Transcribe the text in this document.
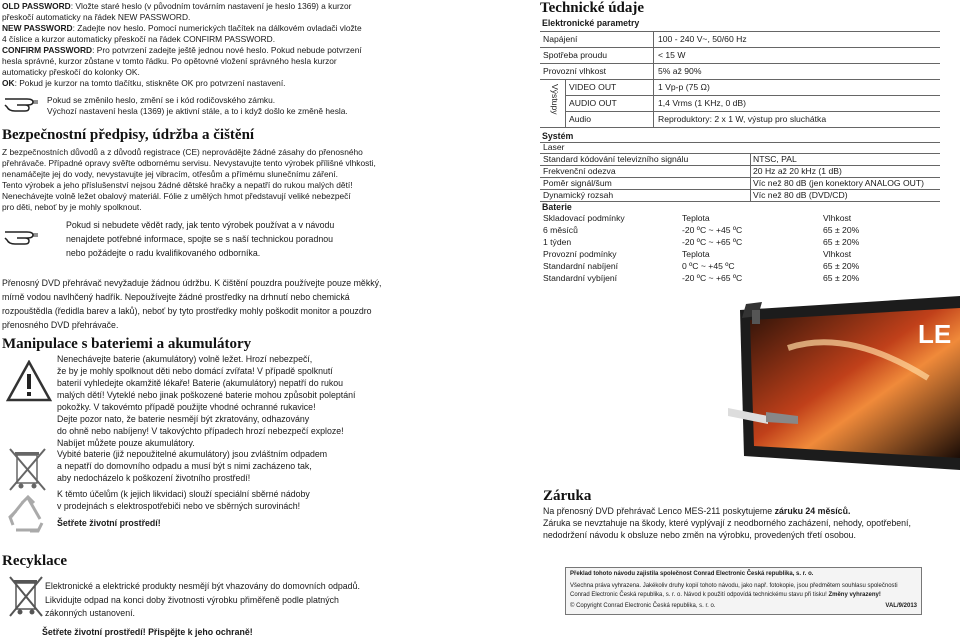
OLD PASSWORD: Vložte staré heslo (v původním továrním nastavení je heslo 1369) a kurzor
přeskočí automaticky na řádek NEW PASSWORD.
NEW PASSWORD: Zadejte nov heslo. Pomocí numerických tlačítek na dálkovém ovladači vložte
4 číslice a kurzor automaticky přeskočí na řádek CONFIRM PASSWORD.
CONFIRM PASSWORD: Pro potvrzení zadejte ještě jednou nové heslo. Pokud nebude potvrzení
hesla správné, kurzor zůstane v tomto řádku. Po opětovné vložení správného hesla kurzor
automaticky přeskočí do kolonky OK.
OK: Pokud je kurzor na tomto tlačítku, stiskněte OK pro potvrzení nastavení.
Pokud se změnilo heslo, změní se i kód rodičovského zámku.
Výchozí nastavení hesla (1369) je aktivní stále, a to i když došlo ke změně hesla.
Bezpečnostní předpisy, údržba a čištění
Z bezpečnostních důvodů a z důvodů registrace (CE) neprovádějte žádné zásahy do přenosného
přehrávače. Případné opravy svěřte odbornému servisu. Nevystavujte tento výrobek přílišné vlhkosti,
nenamáčejte jej do vody, nevystavujte jej vibracím, otřesům a přímému slunečnímu záření.
Tento výrobek a jeho příslušenství nejsou žádné dětské hračky a nepatří do rukou malých dětí!
Nenechávejte volně ležet obalový materiál. Fólie z umělých hmot představují veliké nebezpečí
pro děti, neboť by je mohly spolknout.
Pokud si nebudete vědět rady, jak tento výrobek používat a v návodu
nenajdete potřebné informace, spojte se s naší technickou poradnou
nebo požádejte o radu kvalifikovaného odborníka.
Přenosný DVD přehrávač nevyžaduje žádnou údržbu. K čištění pouzdra používejte pouze měkký,
mírně vodou navlhčený hadřík. Nepoužívejte žádné prostředky na drhnutí nebo chemická
rozpouštědla (ředidla barev a laků), neboť by tyto prostředky mohly poškodit monitor a pouzdro
přenosného DVD přehrávače.
Manipulace s bateriemi a akumulátory
Nenechávejte baterie (akumulátory) volně ležet. Hrozí nebezpečí,
že by je mohly spolknout děti nebo domácí zvířata! V případě spolknutí
baterií vyhledejte okamžitě lékaře! Baterie (akumulátory) nepatří do rukou
malých dětí! Vyteklé nebo jinak poškozené baterie mohou způsobit poleptání
pokožky. V takovémto případě použijte vhodné ochranné rukavice!
Dejte pozor nato, že baterie nesmějí být zkratovány, odhazovány
do ohně nebo nabíjeny! V takovýchto případech hrozí nebezpečí exploze!
Nabíjet můžete pouze akumulátory.
Vybité baterie (již nepoužitelné akumulátory) jsou zvláštním odpadem
a nepatří do domovního odpadu a musí být s nimi zacházeno tak,
aby nedocházelo k poškození životního prostředí!
K těmto účelům (k jejich likvidaci) slouží speciální sběrné nádoby
v prodejnách s elektrospotřebiči nebo ve sběrných surovinách!
Šetřete životní prostředí!
Recyklace
Elektronické a elektrické produkty nesmějí být vhazovány do domovních odpadů.
Likvidujte odpad na konci doby životnosti výrobku přiměřeně podle platných
zákonných ustanovení.
Šetřete životní prostředí! Přispějte k jeho ochraně!
Technické údaje
Elektronické parametry
Napájení	100 - 240 V~, 50/60 Hz
Spotřeba proudu	< 15 W
Provozní vlhkost	5% až 90%
Výstupy VIDEO OUT	1 Vp-p (75 Ω)
AUDIO OUT	1,4 Vrms (1 KHz, 0 dB)
Audio	Reproduktory: 2 x 1 W, výstup pro sluchátka
Systém
Laser
Standard kódování televizního signálu	NTSC, PAL
Frekvenční odezva	20 Hz až 20 kHz (1 dB)
Poměr signál/šum	Víc než 80 dB (jen konektory ANALOG OUT)
Dynamický rozsah	Víc než 80 dB (DVD/CD)
Baterie
Skladovací podmínky	Teplota	Vlhkost
6 měsíců	-20 ºC ~ +45 ºC	65 ± 20%
1 týden	-20 ºC ~ +65 ºC	65 ± 20%
Provozní podmínky	Teplota	Vlhkost
Standardní nabíjení	0 ºC ~ +45 ºC	65 ± 20%
Standardní vybíjení	-20 ºC ~ +65 ºC	65 ± 20%
LE
Záruka
Na přenosný DVD přehrávač Lenco MES-211 poskytujeme záruku 24 měsíců.
Záruka se nevztahuje na škody, které vyplývají z neodborného zacházení, nehody, opotřebení,
nedodržení návodu k obsluze nebo změn na výrobku, provedených třetí osobou.
Překlad tohoto návodu zajistila společnost Conrad Electronic Česká republika, s. r. o.
Všechna práva vyhrazena. Jakékoliv druhy kopií tohoto návodu, jako např. fotokopie, jsou předmětem souhlasu společnosti
Conrad Electronic Česká republika, s. r. o. Návod k použití odpovídá technickému stavu při tisku! Změny vyhrazeny!
© Copyright Conrad Electronic Česká republika, s. r. o.	VAL/9/2013
